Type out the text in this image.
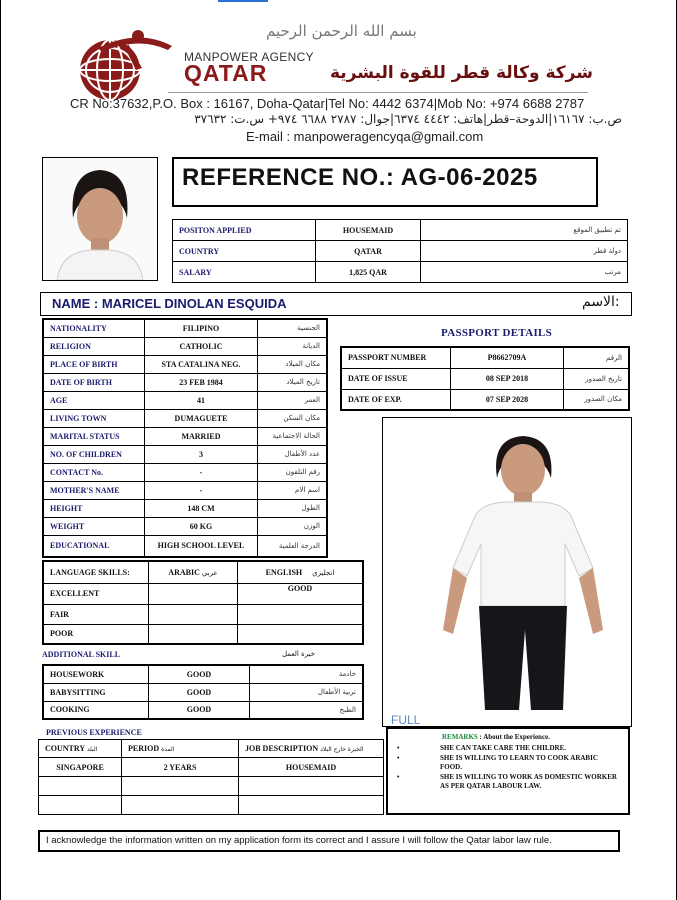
بسم الله الرحمن الرحيم
MANPOWER AGENCY
QATAR	شركة وكالة قطر للقوة البشرية
CR No:37632,P.O. Box : 16167, Doha-Qatar|Tel No: 4442 6374|Mob No: +974 6688 2787
ص.ب: ١٦١٦٧|الدوحة–قطر|هاتف: ٤٤٤٢ ٦٣٧٤|جوال: ٢٧٨٧ ٦٦٨٨ ٩٧٤+ س.ت: ٣٧٦٣٢
E-mail : manpoweragencyqa@gmail.com
REFERENCE NO.: AG-06-2025
POSITON APPLIED	HOUSEMAID	تم تطبيق الموقع
COUNTRY	QATAR	دولة قطر
SALARY	1,825 QAR	مرتب
NAME : MARICEL DINOLAN ESQUIDA	الاسم:
NATIONALITY	FILIPINO	الجنسية
RELIGION	CATHOLIC	الديانة
PLACE OF BIRTH	STA CATALINA NEG.	مكان الميلاد
DATE OF BIRTH	23 FEB 1984	تاريخ الميلاد
AGE	41	العمر
LIVING TOWN	DUMAGUETE	مكان السكن
MARITAL STATUS	MARRIED	الحالة الاجتماعية
NO. OF CHILDREN	3	عدد الأطفال
CONTACT No.	-	رقم التلفون
MOTHER'S NAME	-	اسم الام
HEIGHT	148 CM	الطول
WEIGHT	60 KG	الوزن
EDUCATIONAL	HIGH SCHOOL LEVEL	الدرجة العلمية
PASSPORT DETAILS
PASSPORT NUMBER	P8662709A	الرقم
DATE OF ISSUE	08 SEP 2018	تاريخ الصدور
DATE OF EXP.	07 SEP 2028	مكان الصدور
FULL
LANGUAGE SKILLS:	ARABIC عربي	ENGLISH انجليزي
EXCELLENT		GOOD
FAIR		
POOR		
ADDITIONAL SKILL	خبرة العمل
HOUSEWORK	GOOD	خادمة
BABYSITTING	GOOD	تربية الأطفال
COOKING	GOOD	الطبخ
PREVIOUS EXPERIENCE
COUNTRY البلد	PERIOD المدة	JOB DESCRIPTION الخبرة خارج البلاد
SINGAPORE	2 YEARS	HOUSEMAID

REMARKS : About the Experience.
•	SHE CAN TAKE CARE THE CHILDRE.
•	SHE IS WILLING TO LEARN TO COOK ARABIC FOOD.
•	SHE IS WILLING TO WORK AS DOMESTIC WORKER AS PER QATAR LABOUR LAW.
I acknowledge the information written on my application form its correct and I assure I will follow the Qatar labor law rule.
